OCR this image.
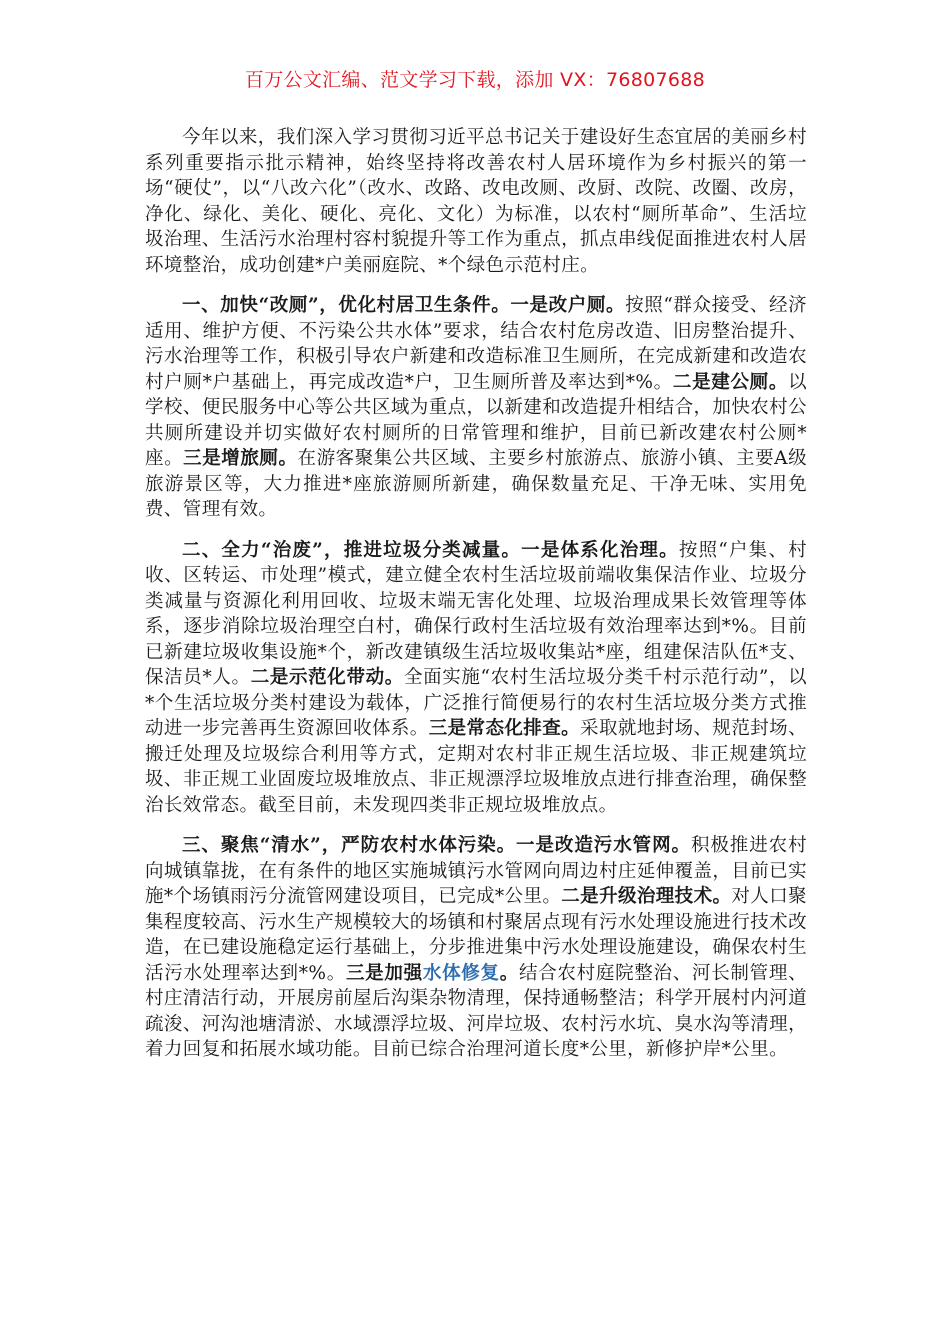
百万公文汇编、范文学习下载，添加 VX：76807688

今年以来，我们深入学习贯彻习近平总书记关于建设好生态宜居的美丽乡村系列重要指示批示精神，始终坚持将改善农村人居环境作为乡村振兴的第一场“硬仗”，以“八改六化”（改水、改路、改电改厕、改厨、改院、改圈、改房，净化、绿化、美化、硬化、亮化、文化）为标准，以农村“厕所革命”、生活垃圾治理、生活污水治理村容村貌提升等工作为重点，抓点串线促面推进农村人居环境整治，成功创建*户美丽庭院、*个绿色示范村庄。

一、加快“改厕”，优化村居卫生条件。一是改户厕。按照“群众接受、经济适用、维护方便、不污染公共水体”要求，结合农村危房改造、旧房整治提升、污水治理等工作，积极引导农户新建和改造标准卫生厕所，在完成新建和改造农村户厕*户基础上，再完成改造*户，卫生厕所普及率达到*%。二是建公厕。以学校、便民服务中心等公共区域为重点，以新建和改造提升相结合，加快农村公共厕所建设并切实做好农村厕所的日常管理和维护，目前已新改建农村公厕*座。三是增旅厕。在游客聚集公共区域、主要乡村旅游点、旅游小镇、主要A级旅游景区等，大力推进*座旅游厕所新建，确保数量充足、干净无味、实用免费、管理有效。

二、全力“治废”，推进垃圾分类减量。一是体系化治理。按照“户集、村收、区转运、市处理”模式，建立健全农村生活垃圾前端收集保洁作业、垃圾分类减量与资源化利用回收、垃圾末端无害化处理、垃圾治理成果长效管理等体系，逐步消除垃圾治理空白村，确保行政村生活垃圾有效治理率达到*%。目前已新建垃圾收集设施*个，新改建镇级生活垃圾收集站*座，组建保洁队伍*支、保洁员*人。二是示范化带动。全面实施“农村生活垃圾分类千村示范行动”，以*个生活垃圾分类村建设为载体，广泛推行简便易行的农村生活垃圾分类方式推动进一步完善再生资源回收体系。三是常态化排查。采取就地封场、规范封场、搬迁处理及垃圾综合利用等方式，定期对农村非正规生活垃圾、非正规建筑垃圾、非正规工业固废垃圾堆放点、非正规漂浮垃圾堆放点进行排查治理，确保整治长效常态。截至目前，未发现四类非正规垃圾堆放点。

三、聚焦“清水”，严防农村水体污染。一是改造污水管网。积极推进农村向城镇靠拢，在有条件的地区实施城镇污水管网向周边村庄延伸覆盖，目前已实施*个场镇雨污分流管网建设项目，已完成*公里。二是升级治理技术。对人口聚集程度较高、污水生产规模较大的场镇和村聚居点现有污水处理设施进行技术改造，在已建设施稳定运行基础上，分步推进集中污水处理设施建设，确保农村生活污水处理率达到*%。三是加强水体修复。结合农村庭院整治、河长制管理、村庄清洁行动，开展房前屋后沟渠杂物清理，保持通畅整洁；科学开展村内河道疏浚、河沟池塘清淤、水域漂浮垃圾、河岸垃圾、农村污水坑、臭水沟等清理，着力回复和拓展水域功能。目前已综合治理河道长度*公里，新修护岸*公里。
